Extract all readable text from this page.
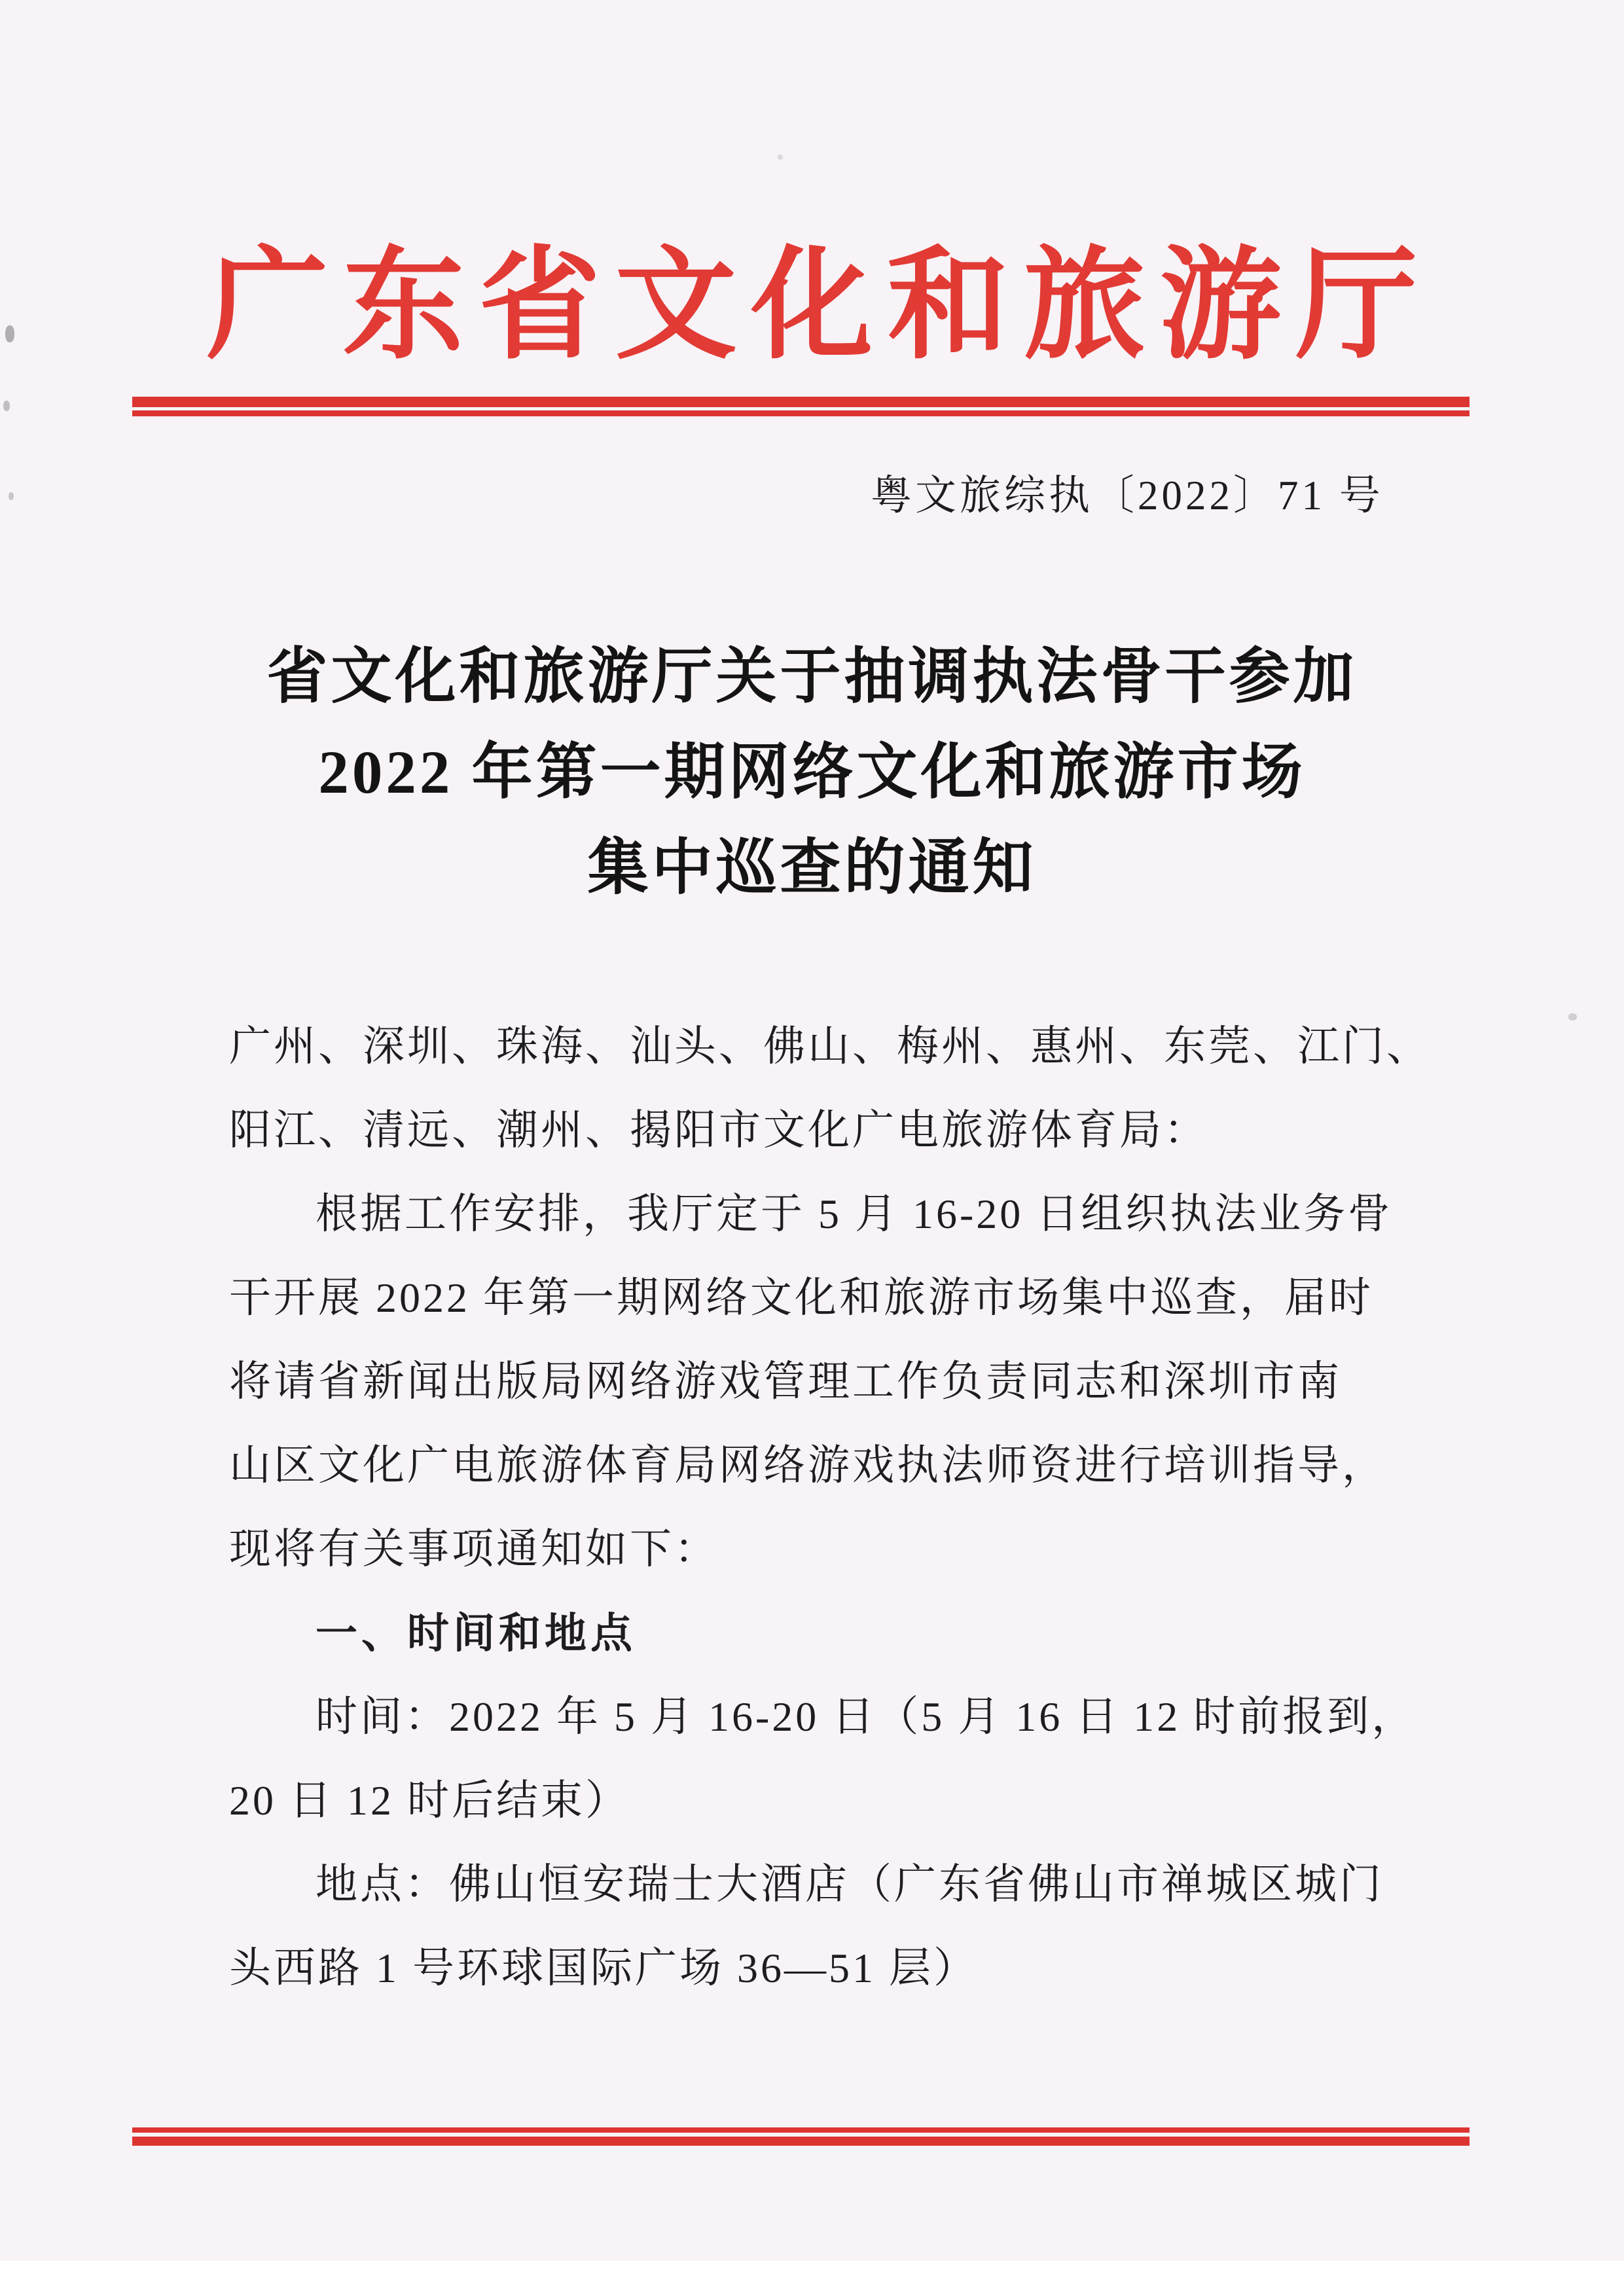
广东省文化和旅游厅
粤文旅综执〔2022〕71 号
省文化和旅游厅关于抽调执法骨干参加
2022 年第一期网络文化和旅游市场
集中巡查的通知
广州、深圳、珠海、汕头、佛山、梅州、惠州、东莞、江门、
阳江、清远、潮州、揭阳市文化广电旅游体育局：
根据工作安排，我厅定于 5 月 16-20 日组织执法业务骨
干开展 2022 年第一期网络文化和旅游市场集中巡查，届时
将请省新闻出版局网络游戏管理工作负责同志和深圳市南
山区文化广电旅游体育局网络游戏执法师资进行培训指导，
现将有关事项通知如下：
一、时间和地点
时间：2022 年 5 月 16-20 日（5 月 16 日 12 时前报到，
20 日 12 时后结束）
地点：佛山恒安瑞士大酒店（广东省佛山市禅城区城门
头西路 1 号环球国际广场 36—51 层）
